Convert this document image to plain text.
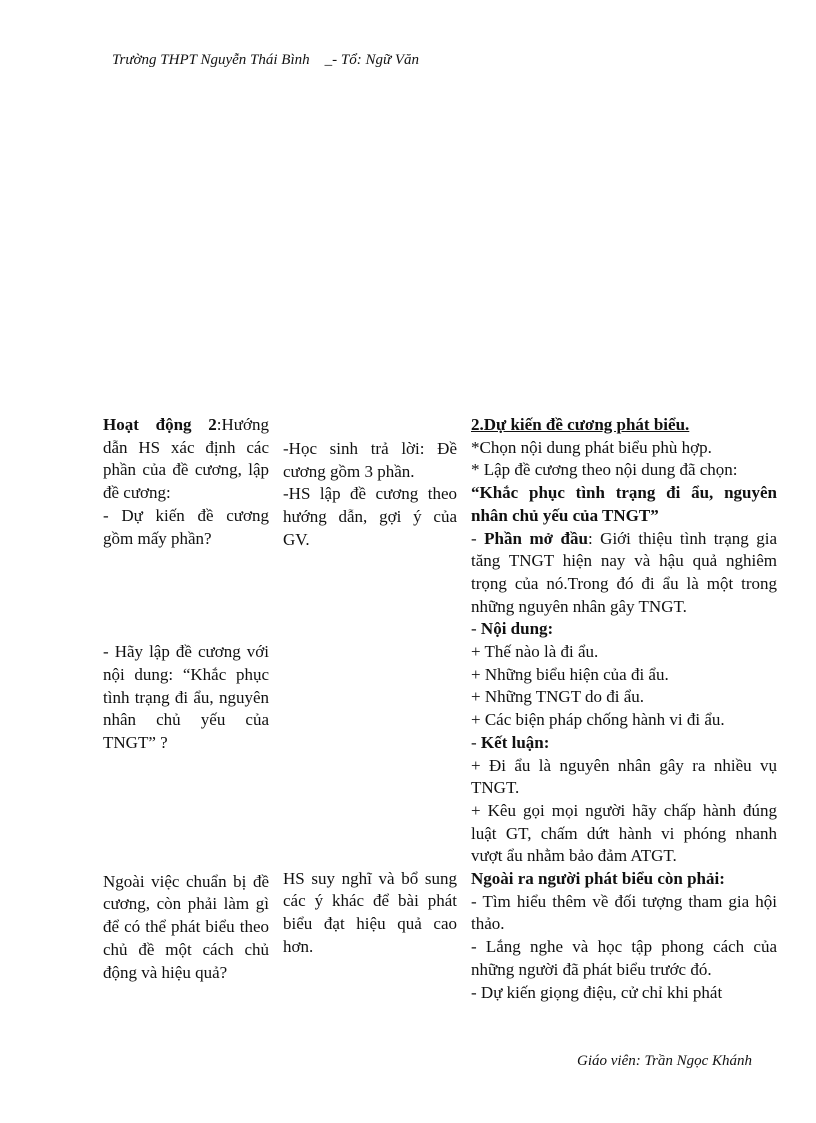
Trường THPT Nguyễn Thái Bình    _- Tổ: Ngữ Văn

Hoạt động 2:Hướng dẫn HS xác định các phần của đề cương, lập đề cương:

- Dự kiến đề cương gồm mấy phần?

- Hãy lập đề cương với nội dung: “Khắc phục tình trạng đi ẩu, nguyên nhân chủ yếu của TNGT” ?

Ngoài việc chuẩn bị đề cương, còn phải làm gì để có thể phát biểu theo chủ đề một cách chủ động và hiệu quả?

-Học sinh trả lời: Đề cương gồm 3 phần.

-HS lập đề cương theo hướng dẫn, gợi ý của GV.

HS suy nghĩ và bổ sung các ý khác để bài phát biểu đạt hiệu quả cao hơn.

2.Dự kiến đề cương phát biểu.

*Chọn nội dung phát biểu phù hợp.

* Lập đề cương theo nội dung đã chọn:

“Khắc phục tình trạng đi ẩu, nguyên nhân chủ yếu của TNGT”

- Phần mở đầu: Giới thiệu tình trạng gia tăng TNGT hiện nay và hậu quả nghiêm trọng của nó.Trong đó đi ẩu là một trong những nguyên nhân gây TNGT.

- Nội dung:

+ Thế nào là đi ẩu.

+ Những biểu hiện của đi ẩu.

+ Những TNGT do đi ẩu.

+ Các biện pháp chống hành vi đi ẩu.

- Kết luận:

+ Đi ẩu là nguyên nhân gây ra nhiều vụ TNGT.

+ Kêu gọi mọi người hãy chấp hành đúng luật GT, chấm dứt hành vi phóng nhanh vượt ẩu nhằm bảo đảm ATGT.

Ngoài ra người phát biểu còn phải:

- Tìm hiểu thêm về đối tượng tham gia hội thảo.

- Lắng nghe và học tập phong cách của những người đã phát biểu trước đó.

- Dự kiến giọng điệu, cử chỉ khi phát

Giáo viên: Trần Ngọc Khánh
